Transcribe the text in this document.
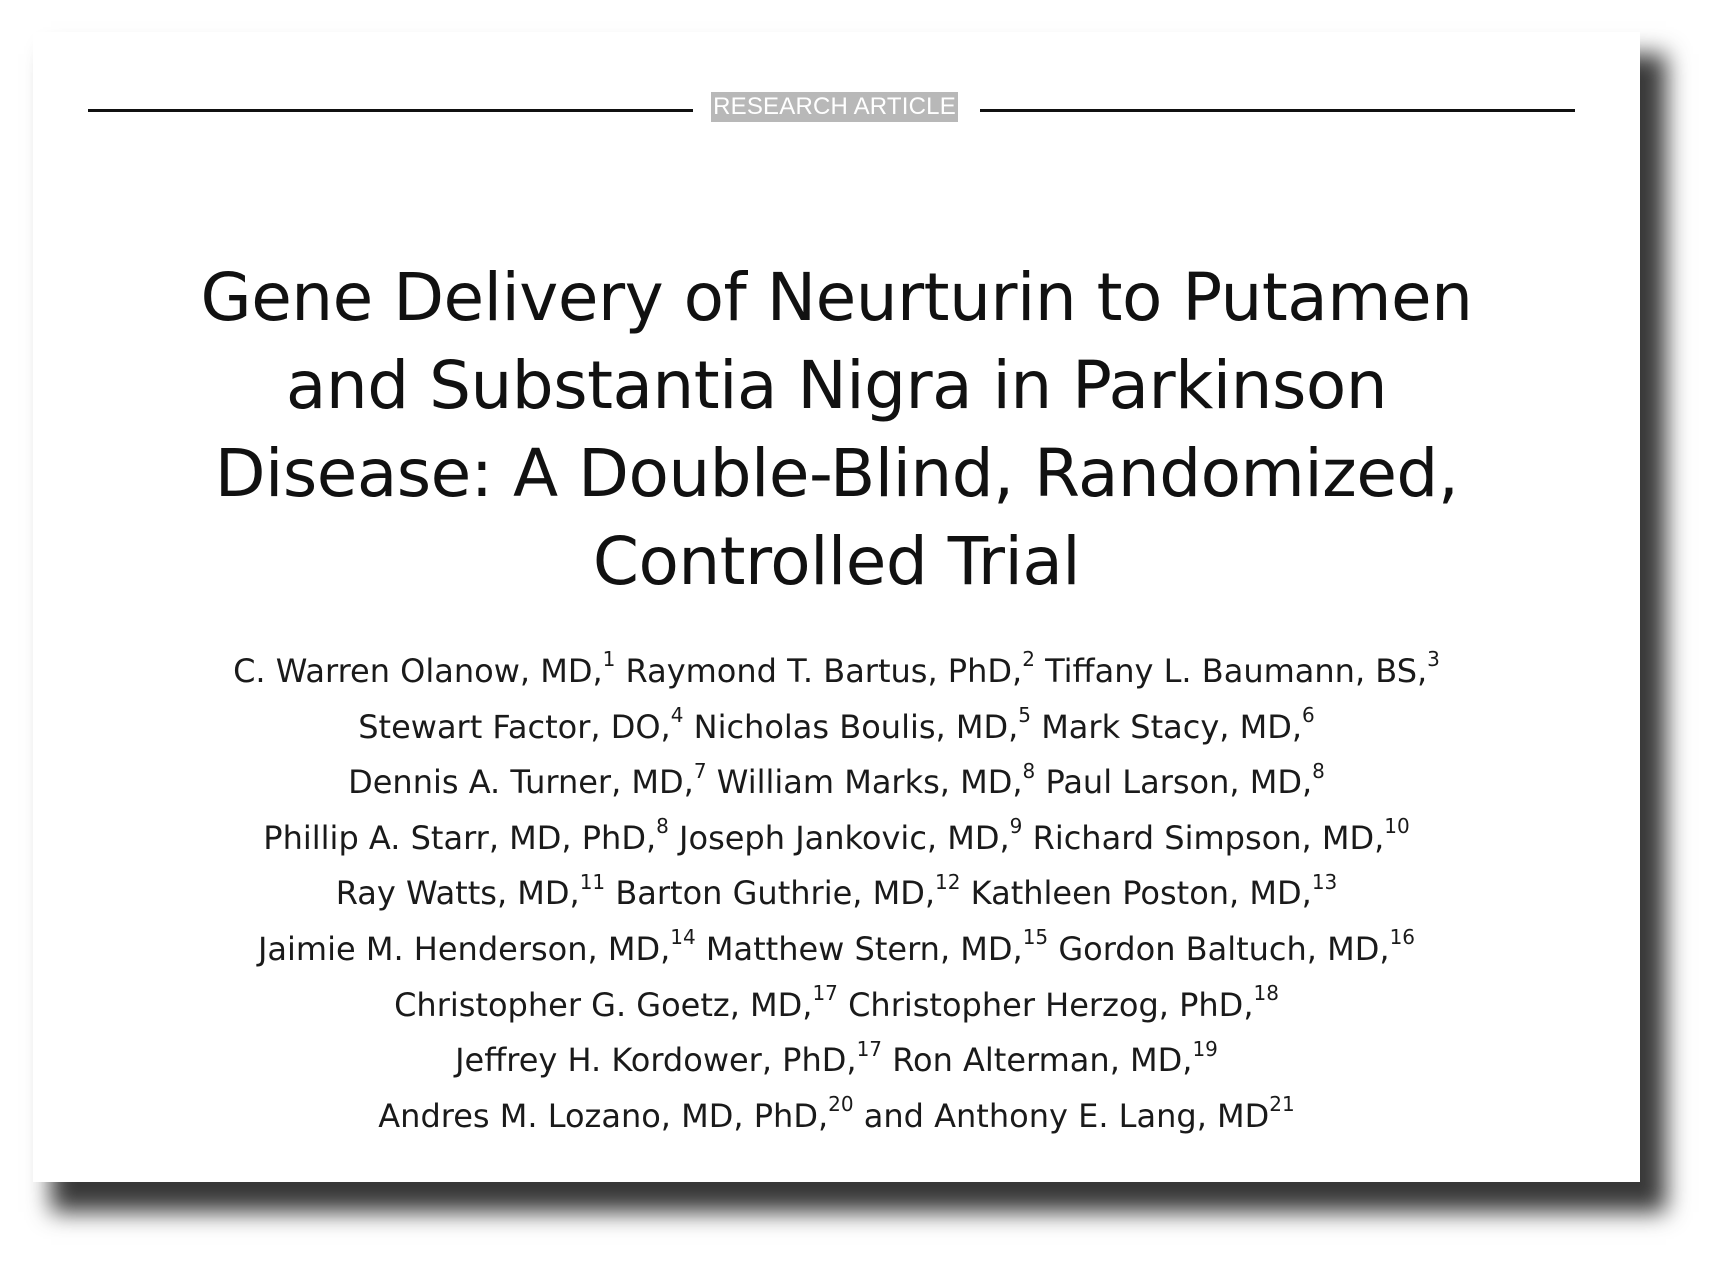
RESEARCH ARTICLE
Gene Delivery of Neurturin to Putamen
and Substantia Nigra in Parkinson
Disease: A Double-Blind, Randomized,
Controlled Trial
C. Warren Olanow, MD,$^1$ Raymond T. Bartus, PhD,$^2$ Tiffany L. Baumann, BS,$^3$
Stewart Factor, DO,$^4$ Nicholas Boulis, MD,$^5$ Mark Stacy, MD,$^6$
Dennis A. Turner, MD,$^7$ William Marks, MD,$^8$ Paul Larson, MD,$^8$
Phillip A. Starr, MD, PhD,$^8$ Joseph Jankovic, MD,$^9$ Richard Simpson, MD,$^{10}$
Ray Watts, MD,$^{11}$ Barton Guthrie, MD,$^{12}$ Kathleen Poston, MD,$^{13}$
Jaimie M. Henderson, MD,$^{14}$ Matthew Stern, MD,$^{15}$ Gordon Baltuch, MD,$^{16}$
Christopher G. Goetz, MD,$^{17}$ Christopher Herzog, PhD,$^{18}$
Jeffrey H. Kordower, PhD,$^{17}$ Ron Alterman, MD,$^{19}$
Andres M. Lozano, MD, PhD,$^{20}$ and Anthony E. Lang, MD$^{21}$
